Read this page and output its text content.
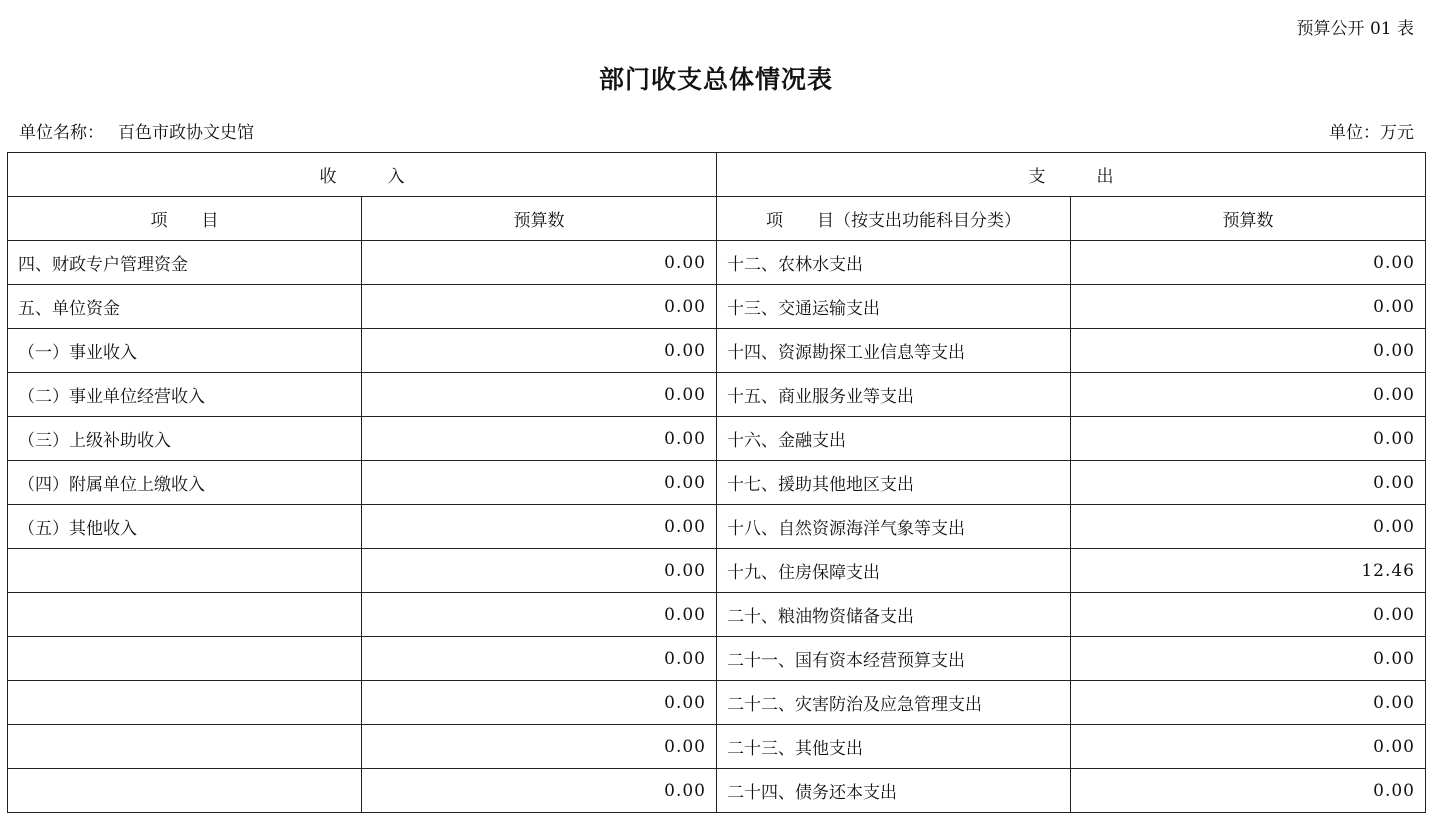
预算公开 01 表
部门收支总体情况表
单位名称： 百色市政协文史馆	单位：万元
收　　　入		支　　　出	
项　　目	预算数	项　　目（按支出功能科目分类）	预算数
四、财政专户管理资金	0.00	十二、农林水支出	0.00
五、单位资金	0.00	十三、交通运输支出	0.00
（一）事业收入	0.00	十四、资源勘探工业信息等支出	0.00
（二）事业单位经营收入	0.00	十五、商业服务业等支出	0.00
（三）上级补助收入	0.00	十六、金融支出	0.00
（四）附属单位上缴收入	0.00	十七、援助其他地区支出	0.00
（五）其他收入	0.00	十八、自然资源海洋气象等支出	0.00
	0.00	十九、住房保障支出	12.46
	0.00	二十、粮油物资储备支出	0.00
	0.00	二十一、国有资本经营预算支出	0.00
	0.00	二十二、灾害防治及应急管理支出	0.00
	0.00	二十三、其他支出	0.00
	0.00	二十四、债务还本支出	0.00
